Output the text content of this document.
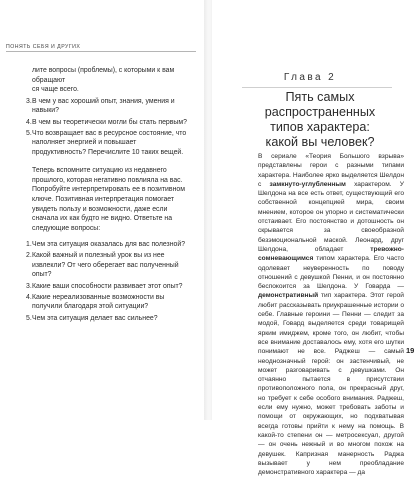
ПОНЯТЬ СЕБЯ И ДРУГИХ
лите вопросы (проблемы), с которыми к вам обращают
ся чаще всего.
3. В чем у вас хороший опыт, знания, умения и навыки?
4. В чем вы теоретически могли бы стать первым?
5. Что возвращает вас в ресурсное состояние, что наполняет энергией и повышает продуктивность? Перечислите 10 таких вещей.
Теперь вспомните ситуацию из недавнего прошлого, которая негативно повлияла на вас. Попробуйте интерпретировать ее в позитивном ключе. Позитивная интерпретация помогает увидеть пользу и возможности, даже если сначала их как будто не видно. Ответьте на следующие вопросы:
1. Чем эта ситуация оказалась для вас полезной?
2. Какой важный и полезный урок вы из нее извлекли? От чего оберегает вас полученный опыт?
3. Какие ваши способности развивает этот опыт?
4. Какие нереализованные возможности вы получили благодаря этой ситуации?
5. Чем эта ситуация делает вас сильнее?
Глава 2
Пять самых распространенных
типов характера:
какой вы человек?
В сериале «Теория Большого взрыва» представлены герои с разными типами характера. Наиболее ярко выделяется Шелдон с замкнуто-углубленным характером. У Шелдона на все есть ответ, существующий его собственной концепцией мира, своим мнением, которое он упорно и систематически отстаивает. Его постоянство и дотошность он скрывается за своеобразной безэмоциональной маской. Леонард, друг Шелдона, обладает тревожно-сомневающимся типом характера. Его часто одолевает неуверенность по поводу отношений с девушкой Пенни, и он постоянно беспокоится за Шелдона. У Говарда — демонстративный тип характера. Этот герой любит рассказывать приукрашенные истории о себе. Главные героини — Пенни — следит за модой, Говард выделяется среди товарищей ярким имиджем, кроме того, он любит, чтобы все внимание доставалось ему, хотя его шутки понимают не все. Раджеш — самый неоднозначный герой: он застенчивый, не может разговаривать с девушками. Он отчаянно пытается в присутствии противоположного пола, он прекрасный друг, но требует к себе особого внимания. Раджеш, если ему нужно, может требовать заботы и помощи от окружающих, но подхватывая всегда готовы прийти к нему на помощь. В какой-то степени он — метросексуал, другой — он очень нежный и во многом похож на девушек. Капризная манерность Раджа вызывает у нем преобладание демонстративного характера — да
19
